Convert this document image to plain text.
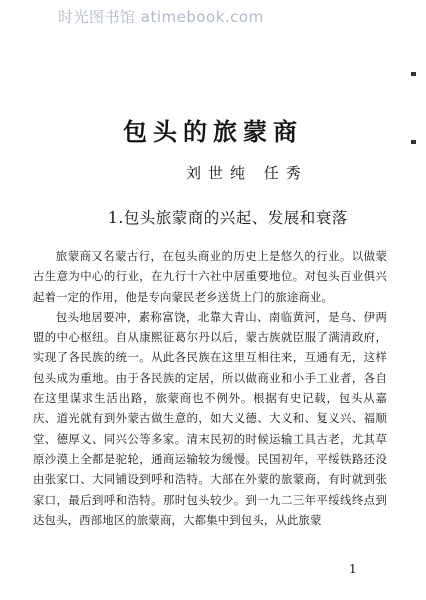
时光图书馆 atimebook.com
包头的旅蒙商
刘世纯 任秀
1.包头旅蒙商的兴起、发展和衰落

旅蒙商又名蒙古行，在包头商业的历史上是悠久的行业。以做蒙古生意为中心的行业，在九行十六社中居重要地位。对包头百业俱兴起着一定的作用，他是专向蒙民老乡送货上门的旅途商业。

包头地居要冲，素称富饶，北靠大青山、南临黄河，是乌、伊两盟的中心枢纽。自从康熙征葛尔丹以后，蒙古族就臣服了满清政府，实现了各民族的统一。从此各民族在这里互相往来，互通有无，这样包头成为重地。由于各民族的定居，所以做商业和小手工业者，各自在这里谋求生活出路，旅蒙商也不例外。根据有史记载，包头从嘉庆、道光就有到外蒙古做生意的，如大义德、大义和、复义兴、福顺堂、德厚义、同兴公等多家。清末民初的时候运输工具古老，尤其草原沙漠上全都是驼轮，通商运输较为缓慢。民国初年，平绥铁路还没由张家口、大同铺设到呼和浩特。大部在外蒙的旅蒙商，有时就到张家口，最后到呼和浩特。那时包头较少。到一九二三年平绥线终点到达包头，西部地区的旅蒙商，大都集中到包头，从此旅蒙

1
